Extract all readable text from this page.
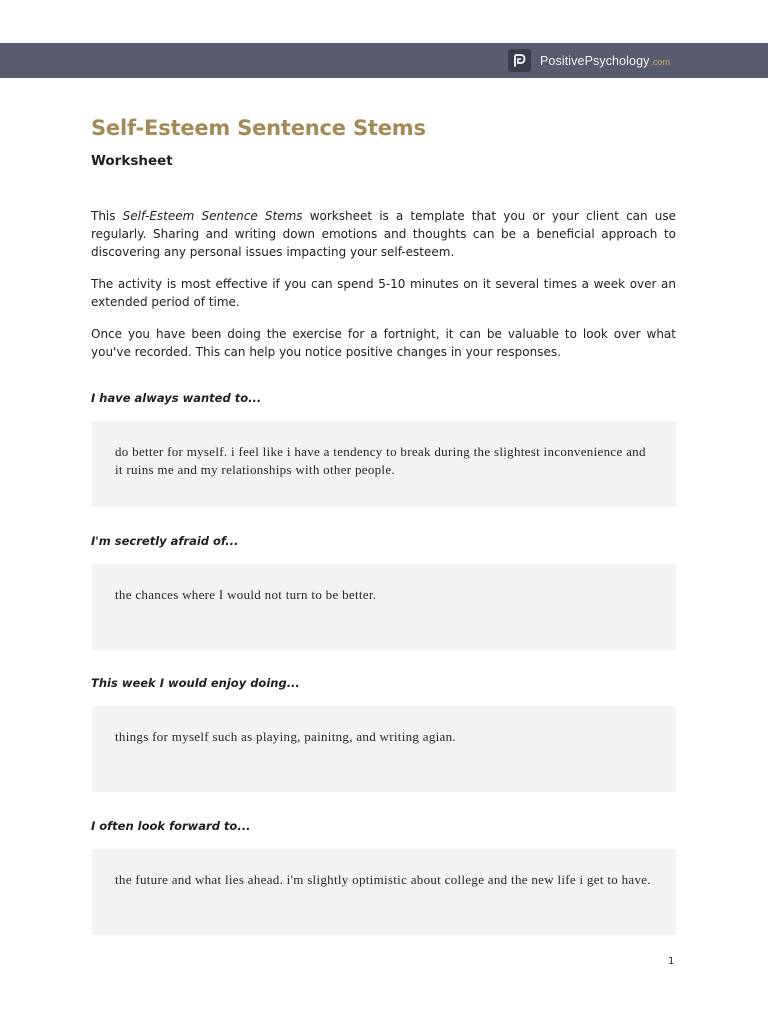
PositivePsychology .com
Self-Esteem Sentence Stems
Worksheet

This Self-Esteem Sentence Stems worksheet is a template that you or your client can use regularly. Sharing and writing down emotions and thoughts can be a beneficial approach to discovering any personal issues impacting your self-esteem.

The activity is most effective if you can spend 5-10 minutes on it several times a week over an extended period of time.

Once you have been doing the exercise for a fortnight, it can be valuable to look over what you've recorded. This can help you notice positive changes in your responses.

I have always wanted to...
do better for myself. i feel like i have a tendency to break during the slightest inconvenience and it ruins me and my relationships with other people.
I'm secretly afraid of...
the chances where I would not turn to be better.
This week I would enjoy doing...
things for myself such as playing, painitng, and writing agian.
I often look forward to...
the future and what lies ahead. i'm slightly optimistic about college and the new life i get to have.
1
